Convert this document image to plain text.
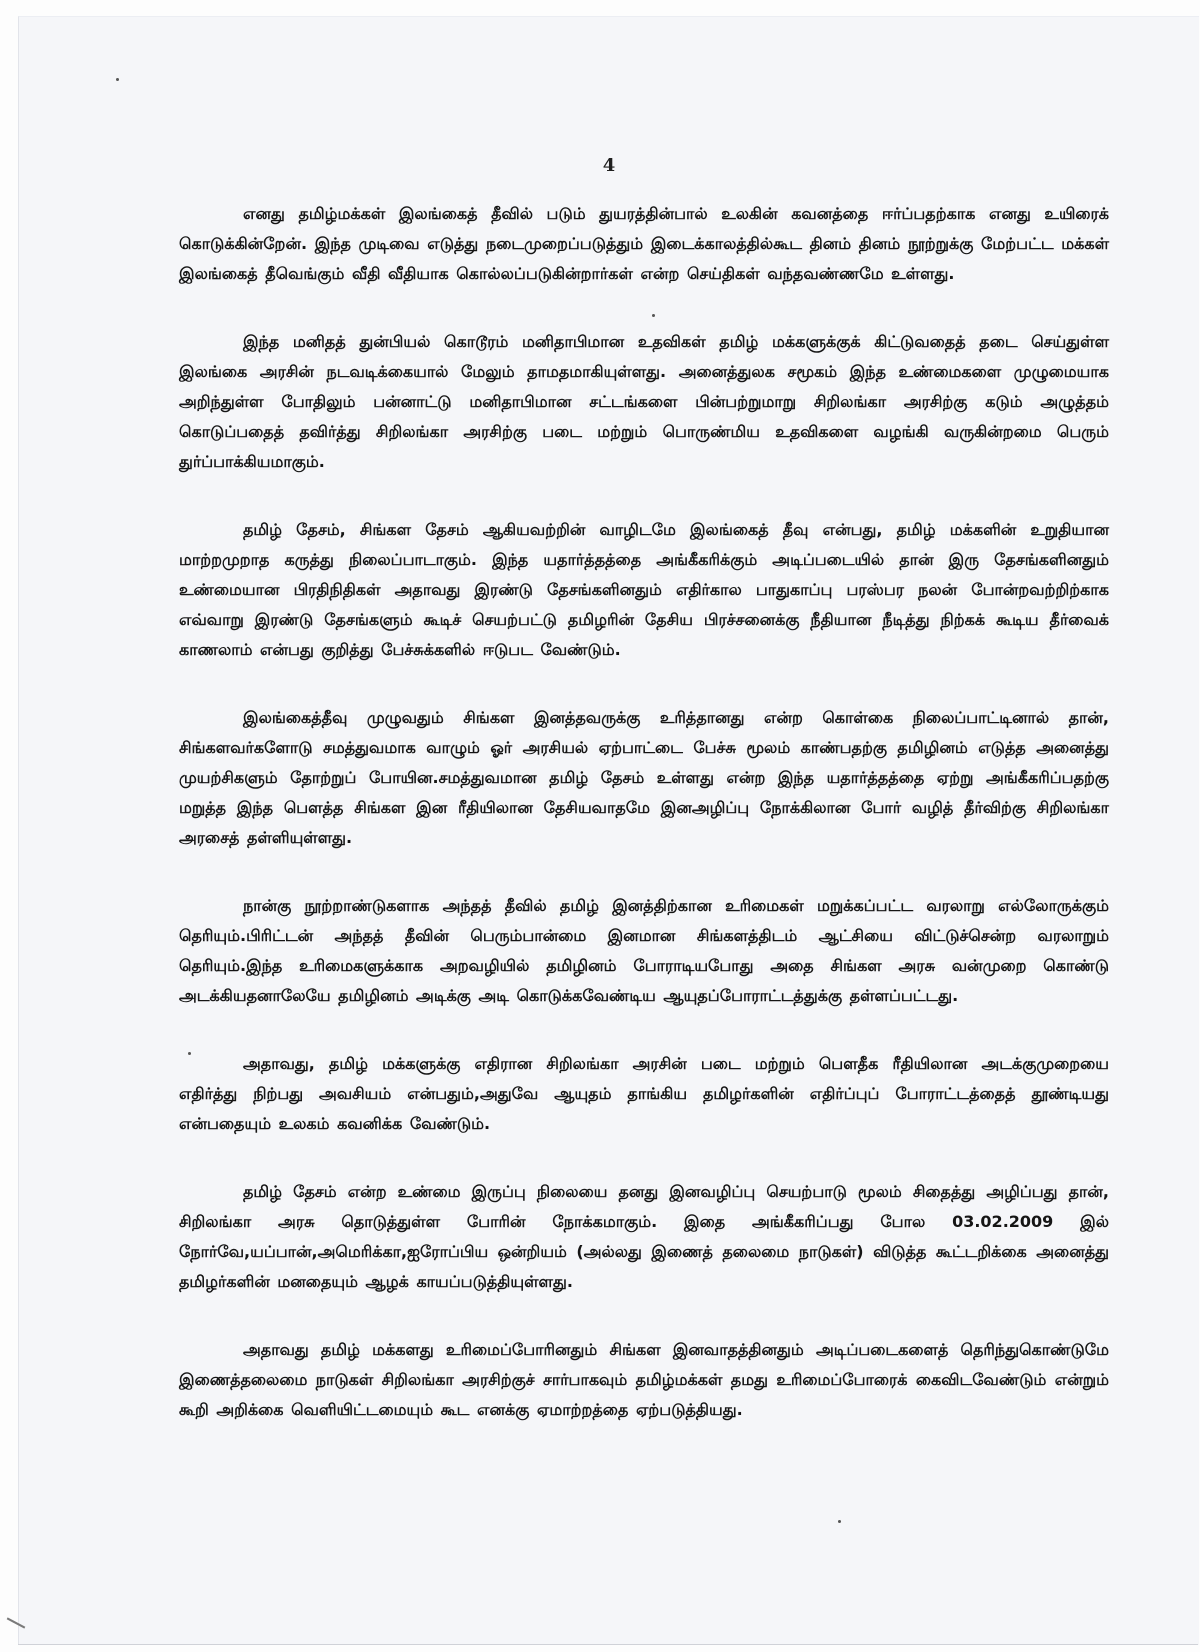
4

எனது தமிழ்மக்கள் இலங்கைத் தீவில் படும் துயரத்தின்பால் உலகின் கவனத்தை ஈர்ப்பதற்காக எனது உயிரைக் கொடுக்கின்றேன். இந்த முடிவை எடுத்து நடைமுறைப்படுத்தும் இடைக்காலத்தில்கூட தினம் தினம் நூற்றுக்கு மேற்பட்ட மக்கள் இலங்கைத் தீவெங்கும் வீதி வீதியாக கொல்லப்படுகின்றார்கள் என்ற செய்திகள் வந்தவண்ணமே உள்ளது.

இந்த மனிதத் துன்பியல் கொடூரம் மனிதாபிமான உதவிகள் தமிழ் மக்களுக்குக் கிட்டுவதைத் தடை செய்துள்ள இலங்கை அரசின் நடவடிக்கையால் மேலும் தாமதமாகியுள்ளது. அனைத்துலக சமூகம் இந்த உண்மைகளை முழுமையாக அறிந்துள்ள போதிலும் பன்னாட்டு மனிதாபிமான சட்டங்களை பின்பற்றுமாறு சிறிலங்கா அரசிற்கு கடும் அழுத்தம் கொடுப்பதைத் தவிர்த்து சிறிலங்கா அரசிற்கு படை மற்றும் பொருண்மிய உதவிகளை வழங்கி வருகின்றமை பெரும் துர்ப்பாக்கியமாகும்.

தமிழ் தேசம், சிங்கள தேசம் ஆகியவற்றின் வாழிடமே இலங்கைத் தீவு என்பது, தமிழ் மக்களின் உறுதியான மாற்றமுறாத கருத்து நிலைப்பாடாகும். இந்த யதார்த்தத்தை அங்கீகரிக்கும் அடிப்படையில் தான் இரு தேசங்களினதும் உண்மையான பிரதிநிதிகள் அதாவது இரண்டு தேசங்களினதும் எதிர்கால பாதுகாப்பு பரஸ்பர நலன் போன்றவற்றிற்காக எவ்வாறு இரண்டு தேசங்களும் கூடிச் செயற்பட்டு தமிழரின் தேசிய பிரச்சனைக்கு நீதியான நீடித்து நிற்கக் கூடிய தீர்வைக் காணலாம் என்பது குறித்து பேச்சுக்களில் ஈடுபட வேண்டும்.

இலங்கைத்தீவு முழுவதும் சிங்கள இனத்தவருக்கு உரித்தானது என்ற கொள்கை நிலைப்பாட்டினால் தான், சிங்களவர்களோடு சமத்துவமாக வாழும் ஓர் அரசியல் ஏற்பாட்டை பேச்சு மூலம் காண்பதற்கு தமிழினம் எடுத்த அனைத்து முயற்சிகளும் தோற்றுப் போயின.சமத்துவமான தமிழ் தேசம் உள்ளது என்ற இந்த யதார்த்தத்தை ஏற்று அங்கீகரிப்பதற்கு மறுத்த இந்த பௌத்த சிங்கள இன ரீதியிலான தேசியவாதமே இனஅழிப்பு நோக்கிலான போர் வழித் தீர்விற்கு சிறிலங்கா அரசைத் தள்ளியுள்ளது.

நான்கு நூற்றாண்டுகளாக அந்தத் தீவில் தமிழ் இனத்திற்கான உரிமைகள் மறுக்கப்பட்ட வரலாறு எல்லோருக்கும் தெரியும்.பிரிட்டன் அந்தத் தீவின் பெரும்பான்மை இனமான சிங்களத்திடம் ஆட்சியை விட்டுச்சென்ற வரலாறும் தெரியும்.இந்த உரிமைகளுக்காக அறவழியில் தமிழினம் போராடியபோது அதை சிங்கள அரசு வன்முறை கொண்டு அடக்கியதனாலேயே தமிழினம் அடிக்கு அடி கொடுக்கவேண்டிய ஆயுதப்போராட்டத்துக்கு தள்ளப்பட்டது.

அதாவது, தமிழ் மக்களுக்கு எதிரான சிறிலங்கா அரசின் படை மற்றும் பௌதீக ரீதியிலான அடக்குமுறையை எதிர்த்து நிற்பது அவசியம் என்பதும்,அதுவே ஆயுதம் தாங்கிய தமிழர்களின் எதிர்ப்புப் போராட்டத்தைத் தூண்டியது என்பதையும் உலகம் கவனிக்க வேண்டும்.

தமிழ் தேசம் என்ற உண்மை இருப்பு நிலையை தனது இனவழிப்பு செயற்பாடு மூலம் சிதைத்து அழிப்பது தான், சிறிலங்கா அரசு தொடுத்துள்ள போரின் நோக்கமாகும். இதை அங்கீகரிப்பது போல 03.02.2009 இல் நோர்வே,யப்பான்,அமெரிக்கா,ஐரோப்பிய ஒன்றியம் (அல்லது இணைத் தலைமை நாடுகள்) விடுத்த கூட்டறிக்கை அனைத்து தமிழர்களின் மனதையும் ஆழக் காயப்படுத்தியுள்ளது.

அதாவது தமிழ் மக்களது உரிமைப்போரினதும் சிங்கள இனவாதத்தினதும் அடிப்படைகளைத் தெரிந்துகொண்டுமே இணைத்தலைமை நாடுகள் சிறிலங்கா அரசிற்குச் சார்பாகவும் தமிழ்மக்கள் தமது உரிமைப்போரைக் கைவிடவேண்டும் என்றும் கூறி அறிக்கை வெளியிட்டமையும் கூட எனக்கு ஏமாற்றத்தை ஏற்படுத்தியது.
